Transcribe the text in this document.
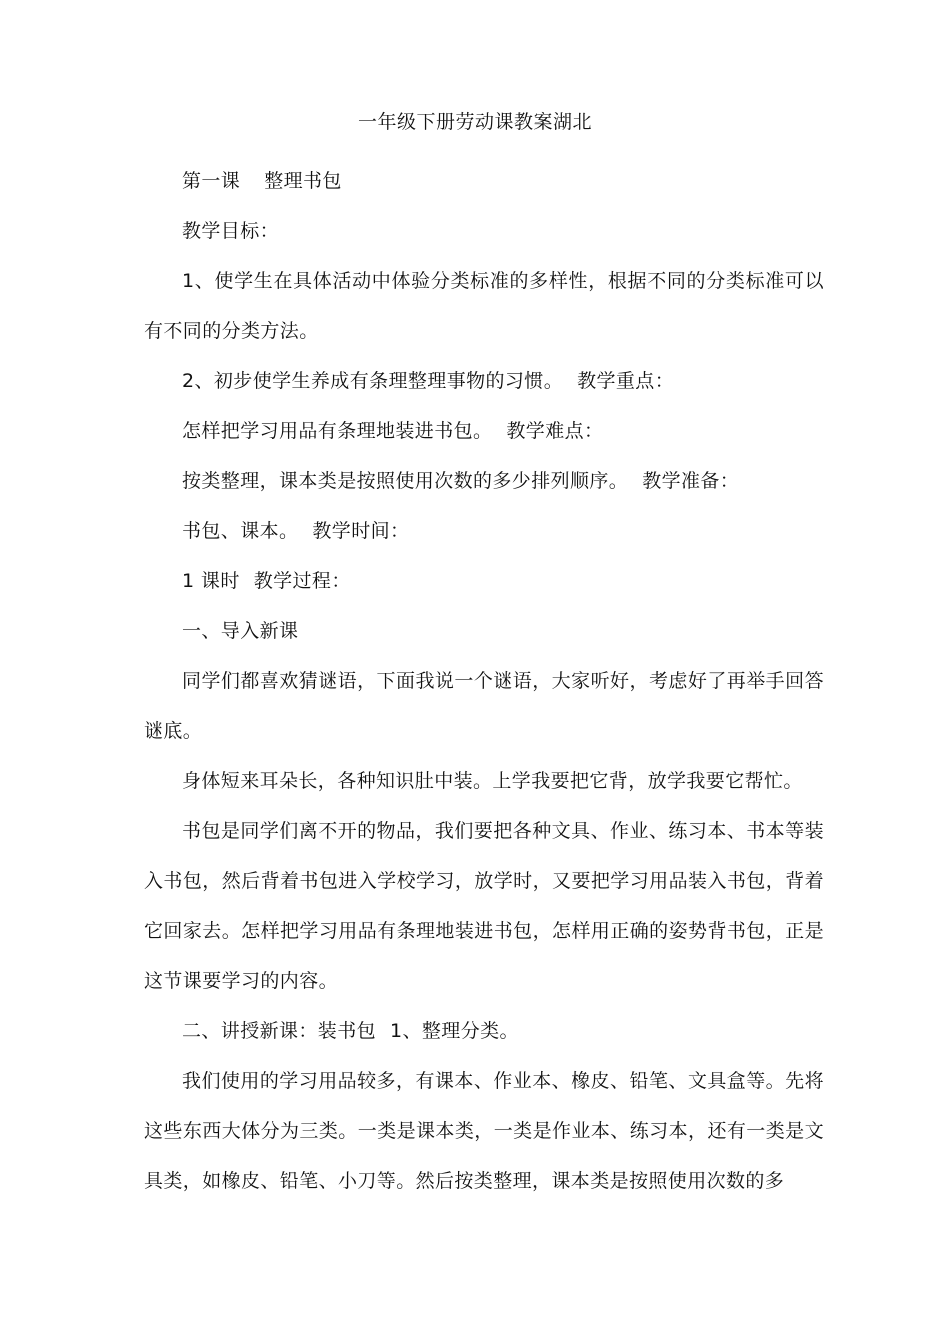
一年级下册劳动课教案湖北

第一课 整理书包

教学目标：

1、使学生在具体活动中体验分类标准的多样性，根据不同的分类标准可以有不同的分类方法。

2、初步使学生养成有条理整理事物的习惯。 教学重点：

怎样把学习用品有条理地装进书包。 教学难点：

按类整理，课本类是按照使用次数的多少排列顺序。 教学准备：

书包、课本。 教学时间：

1 课时 教学过程：

一、导入新课

同学们都喜欢猜谜语，下面我说一个谜语，大家听好，考虑好了再举手回答谜底。

身体短来耳朵长，各种知识肚中装。上学我要把它背，放学我要它帮忙。

书包是同学们离不开的物品，我们要把各种文具、作业、练习本、书本等装入书包，然后背着书包进入学校学习，放学时，又要把学习用品装入书包，背着它回家去。怎样把学习用品有条理地装进书包，怎样用正确的姿势背书包，正是这节课要学习的内容。

二、讲授新课：装书包 1、整理分类。

我们使用的学习用品较多，有课本、作业本、橡皮、铅笔、文具盒等。先将这些东西大体分为三类。一类是课本类，一类是作业本、练习本，还有一类是文具类，如橡皮、铅笔、小刀等。然后按类整理，课本类是按照使用次数的多
